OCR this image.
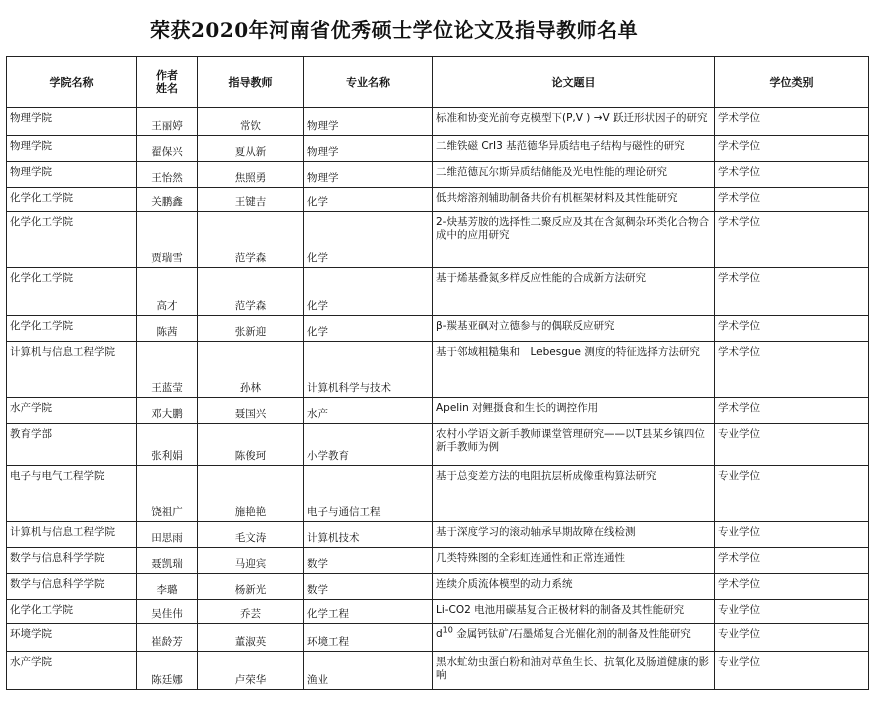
荣获2020年河南省优秀硕士学位论文及指导教师名单
学院名称	作者姓名	指导教师	专业名称	论文题目	学位类别
物理学院	王丽婷	常钦	物理学	标准和协变光前夸克模型下(P,V ) →V 跃迁形状因子的研究	学术学位
物理学院	翟保兴	夏从新	物理学	二维铁磁 CrI3 基范德华异质结电子结构与磁性的研究	学术学位
物理学院	王怡然	焦照勇	物理学	二维范德瓦尔斯异质结储能及光电性能的理论研究	学术学位
化学化工学院	关鹏鑫	王键吉	化学	低共熔溶剂辅助制备共价有机框架材料及其性能研究	学术学位
化学化工学院	贾瑞雪	范学森	化学	2-炔基芳胺的选择性二聚反应及其在含氮稠杂环类化合物合成中的应用研究	学术学位
化学化工学院	高才	范学森	化学	基于烯基叠氮多样反应性能的合成新方法研究	学术学位
化学化工学院	陈茜	张新迎	化学	β-羰基亚砜对立德参与的偶联反应研究	学术学位
计算机与信息工程学院	王蓝莹	孙林	计算机科学与技术	基于邻域粗糙集和　Lebesgue 测度的特征选择方法研究	学术学位
水产学院	邓大鹏	聂国兴	水产	Apelin 对鲤摄食和生长的调控作用	学术学位
教育学部	张利娟	陈俊珂	小学教育	农村小学语文新手教师课堂管理研究——以T县某乡镇四位新手教师为例	专业学位
电子与电气工程学院	饶祖广	施艳艳	电子与通信工程	基于总变差方法的电阻抗层析成像重构算法研究	专业学位
计算机与信息工程学院	田思雨	毛文涛	计算机技术	基于深度学习的滚动轴承早期故障在线检测	专业学位
数学与信息科学学院	聂凯瑞	马迎宾	数学	几类特殊图的全彩虹连通性和正常连通性	学术学位
数学与信息科学学院	李璐	杨新光	数学	连续介质流体模型的动力系统	学术学位
化学化工学院	吴佳伟	乔芸	化学工程	Li-CO2 电池用碳基复合正极材料的制备及其性能研究	专业学位
环境学院	崔龄芳	董淑英	环境工程	$d^{10}$ 金属钙钛矿/石墨烯复合光催化剂的制备及性能研究	专业学位
水产学院	陈廷娜	卢荣华	渔业	黑水虻幼虫蛋白粉和油对草鱼生长、抗氧化及肠道健康的影响	专业学位
